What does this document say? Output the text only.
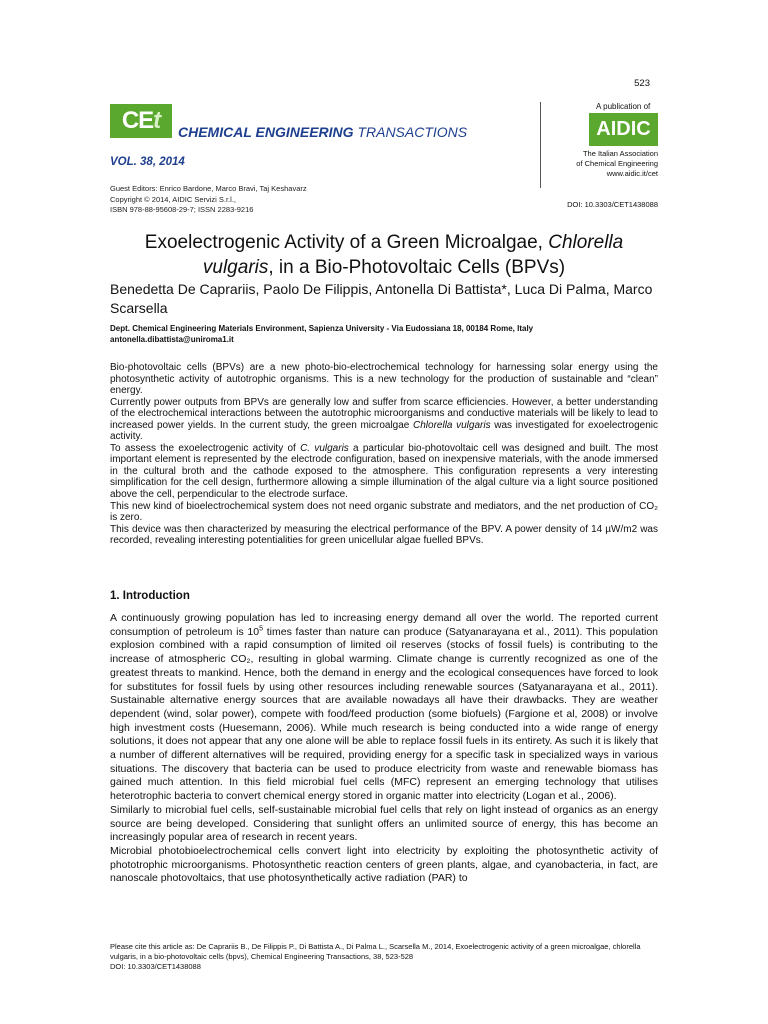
523
CEt	CHEMICAL ENGINEERING TRANSACTIONS
VOL. 38, 2014
Guest Editors: Enrico Bardone, Marco Bravi, Taj Keshavarz
Copyright © 2014, AIDIC Servizi S.r.l.,
ISBN 978-88-95608-29-7; ISSN 2283-9216
A publication of
AIDIC
The Italian Association
of Chemical Engineering
www.aidic.it/cet
DOI: 10.3303/CET1438088
Exoelectrogenic Activity of a Green Microalgae, Chlorella vulgaris, in a Bio-Photovoltaic Cells (BPVs)
Benedetta De Caprariis, Paolo De Filippis, Antonella Di Battista*, Luca Di Palma, Marco Scarsella
Dept. Chemical Engineering Materials Environment, Sapienza University - Via Eudossiana 18, 00184 Rome, Italy
antonella.dibattista@uniroma1.it

Bio-photovoltaic cells (BPVs) are a new photo-bio-electrochemical technology for harnessing solar energy using the photosynthetic activity of autotrophic organisms. This is a new technology for the production of sustainable and “clean” energy.

Currently power outputs from BPVs are generally low and suffer from scarce efficiencies. However, a better understanding of the electrochemical interactions between the autotrophic microorganisms and conductive materials will be likely to lead to increased power yields. In the current study, the green microalgae Chlorella vulgaris was investigated for exoelectrogenic activity.

To assess the exoelectrogenic activity of C. vulgaris a particular bio-photovoltaic cell was designed and built. The most important element is represented by the electrode configuration, based on inexpensive materials, with the anode immersed in the cultural broth and the cathode exposed to the atmosphere. This configuration represents a very interesting simplification for the cell design, furthermore allowing a simple illumination of the algal culture via a light source positioned above the cell, perpendicular to the electrode surface.

This new kind of bioelectrochemical system does not need organic substrate and mediators, and the net production of CO₂ is zero.

This device was then characterized by measuring the electrical performance of the BPV. A power density of 14 µW/m2 was recorded, revealing interesting potentialities for green unicellular algae fuelled BPVs.

1. Introduction

A continuously growing population has led to increasing energy demand all over the world. The reported current consumption of petroleum is $10^5$ times faster than nature can produce (Satyanarayana et al., 2011). This population explosion combined with a rapid consumption of limited oil reserves (stocks of fossil fuels) is contributing to the increase of atmospheric CO₂, resulting in global warming. Climate change is currently recognized as one of the greatest threats to mankind. Hence, both the demand in energy and the ecological consequences have forced to look for substitutes for fossil fuels by using other resources including renewable sources (Satyanarayana et al., 2011). Sustainable alternative energy sources that are available nowadays all have their drawbacks. They are weather dependent (wind, solar power), compete with food/feed production (some biofuels) (Fargione et al, 2008) or involve high investment costs (Huesemann, 2006). While much research is being conducted into a wide range of energy solutions, it does not appear that any one alone will be able to replace fossil fuels in its entirety. As such it is likely that a number of different alternatives will be required, providing energy for a specific task in specialized ways in various situations. The discovery that bacteria can be used to produce electricity from waste and renewable biomass has gained much attention. In this field microbial fuel cells (MFC) represent an emerging technology that utilises heterotrophic bacteria to convert chemical energy stored in organic matter into electricity (Logan et al., 2006).

Similarly to microbial fuel cells, self-sustainable microbial fuel cells that rely on light instead of organics as an energy source are being developed. Considering that sunlight offers an unlimited source of energy, this has become an increasingly popular area of research in recent years.

Microbial photobioelectrochemical cells convert light into electricity by exploiting the photosynthetic activity of phototrophic microorganisms. Photosynthetic reaction centers of green plants, algae, and cyanobacteria, in fact, are nanoscale photovoltaics, that use photosynthetically active radiation (PAR) to

Please cite this article as: De Caprariis B., De Filippis P., Di Battista A., Di Palma L., Scarsella M., 2014, Exoelectrogenic activity of a green microalgae, chlorella vulgaris, in a bio-photovoltaic cells (bpvs), Chemical Engineering Transactions, 38, 523-528
DOI: 10.3303/CET1438088
